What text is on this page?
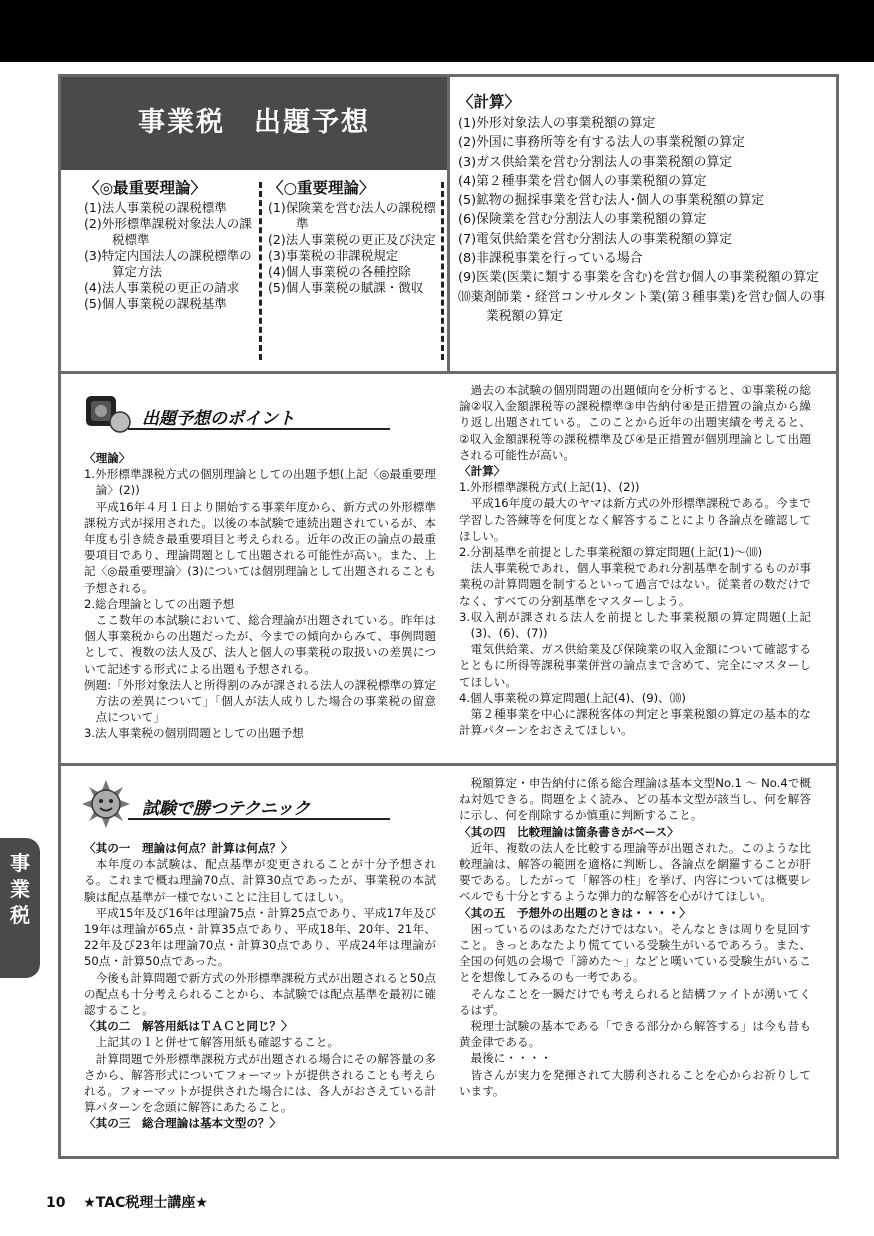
事業税　出題予想
〈◎最重要理論〉
(1)法人事業税の課税標準
(2)外形標準課税対象法人の課税標準
(3)特定内国法人の課税標準の算定方法
(4)法人事業税の更正の請求
(5)個人事業税の課税基準
〈○重要理論〉
(1)保険業を営む法人の課税標準
(2)法人事業税の更正及び決定
(3)事業税の非課税規定
(4)個人事業税の各種控除
(5)個人事業税の賦課・徴収
〈計算〉
(1)外形対象法人の事業税額の算定
(2)外国に事務所等を有する法人の事業税額の算定
(3)ガス供給業を営む分割法人の事業税額の算定
(4)第２種事業を営む個人の事業税額の算定
(5)鉱物の掘採事業を営む法人･個人の事業税額の算定
(6)保険業を営む分割法人の事業税額の算定
(7)電気供給業を営む分割法人の事業税額の算定
(8)非課税事業を行っている場合
(9)医業(医業に類する事業を含む)を営む個人の事業税額の算定
⑽薬剤師業・経営コンサルタント業(第３種事業)を営む個人の事業税額の算定
出題予想のポイント

〈理論〉

1.外形標準課税方式の個別理論としての出題予想(上記〈◎最重要理論〉(2))

平成16年４月１日より開始する事業年度から、新方式の外形標準課税方式が採用された。以後の本試験で連続出題されているが、本年度も引き続き最重要項目と考えられる。近年の改正の論点の最重要項目であり、理論問題として出題される可能性が高い。また、上記〈◎最重要理論〉(3)については個別理論として出題されることも予想される。

2.総合理論としての出題予想

ここ数年の本試験において、総合理論が出題されている。昨年は個人事業税からの出題だったが、今までの傾向からみて、事例問題として、複数の法人及び、法人と個人の事業税の取扱いの差異について記述する形式による出題も予想される。

例題:「外形対象法人と所得割のみが課される法人の課税標準の算定方法の差異について」「個人が法人成りした場合の事業税の留意点について」

3.法人事業税の個別問題としての出題予想

過去の本試験の個別問題の出題傾向を分析すると、①事業税の総論②収入金額課税等の課税標準③申告納付④是正措置の論点から繰り返し出題されている。このことから近年の出題実績を考えると、②収入金額課税等の課税標準及び④是正措置が個別理論として出題される可能性が高い。

〈計算〉

1.外形標準課税方式(上記(1)、(2))

平成16年度の最大のヤマは新方式の外形標準課税である。今まで学習した答練等を何度となく解答することにより各論点を確認してほしい。

2.分割基準を前提とした事業税額の算定問題(上記(1)～⑽)

法人事業税であれ、個人事業税であれ分割基準を制するものが事業税の計算問題を制するといって過言ではない。従業者の数だけでなく、すべての分割基準をマスターしよう。

3.収入割が課される法人を前提とした事業税額の算定問題(上記(3)、(6)、(7))

電気供給業、ガス供給業及び保険業の収入金額について確認するとともに所得等課税事業併営の論点まで含めて、完全にマスターしてほしい。

4.個人事業税の算定問題(上記(4)、(9)、⑽)

第２種事業を中心に課税客体の判定と事業税額の算定の基本的な計算パターンをおさえてほしい。

試験で勝つテクニック

〈其の一　理論は何点？計算は何点？〉

本年度の本試験は、配点基準が変更されることが十分予想される。これまで概ね理論70点、計算30点であったが、事業税の本試験は配点基準が一様でないことに注目してほしい。

平成15年及び16年は理論75点・計算25点であり、平成17年及び19年は理論が65点・計算35点であり、平成18年、20年、21年、22年及び23年は理論70点・計算30点であり、平成24年は理論が50点・計算50点であった。

今後も計算問題で新方式の外形標準課税方式が出題されると50点の配点も十分考えられることから、本試験では配点基準を最初に確認すること。

〈其の二　解答用紙はＴＡＣと同じ？〉

上記其の１と併せて解答用紙も確認すること。

計算問題で外形標準課税方式が出題される場合にその解答量の多さから、解答形式についてフォーマットが提供されることも考えられる。フォーマットが提供された場合には、各人がおさえている計算パターンを念頭に解答にあたること。

〈其の三　総合理論は基本文型の？〉

税額算定・申告納付に係る総合理論は基本文型No.1 ～ No.4で概ね対処できる。問題をよく読み、どの基本文型が該当し、何を解答に示し、何を削除するか慎重に判断すること。

〈其の四　比較理論は箇条書きがベース〉

近年、複数の法人を比較する理論等が出題された。このような比較理論は、解答の範囲を適格に判断し、各論点を網羅することが肝要である。したがって「解答の柱」を挙げ、内容については概要レベルでも十分とするような弾力的な解答を心がけてほしい。

〈其の五　予想外の出題のときは・・・・〉

困っているのはあなただけではない。そんなときは周りを見回すこと。きっとあなたより慌てている受験生がいるであろう。また、全国の何処の会場で「諦めた～」などと嘆いている受験生がいることを想像してみるのも一考である。

そんなことを一瞬だけでも考えられると結構ファイトが湧いてくるはず。

税理士試験の基本である「できる部分から解答する」は今も昔も黄金律である。

最後に・・・・

皆さんが実力を発揮されて大勝利されることを心からお祈りしています。

事業税
10 ★TAC税理士講座★
